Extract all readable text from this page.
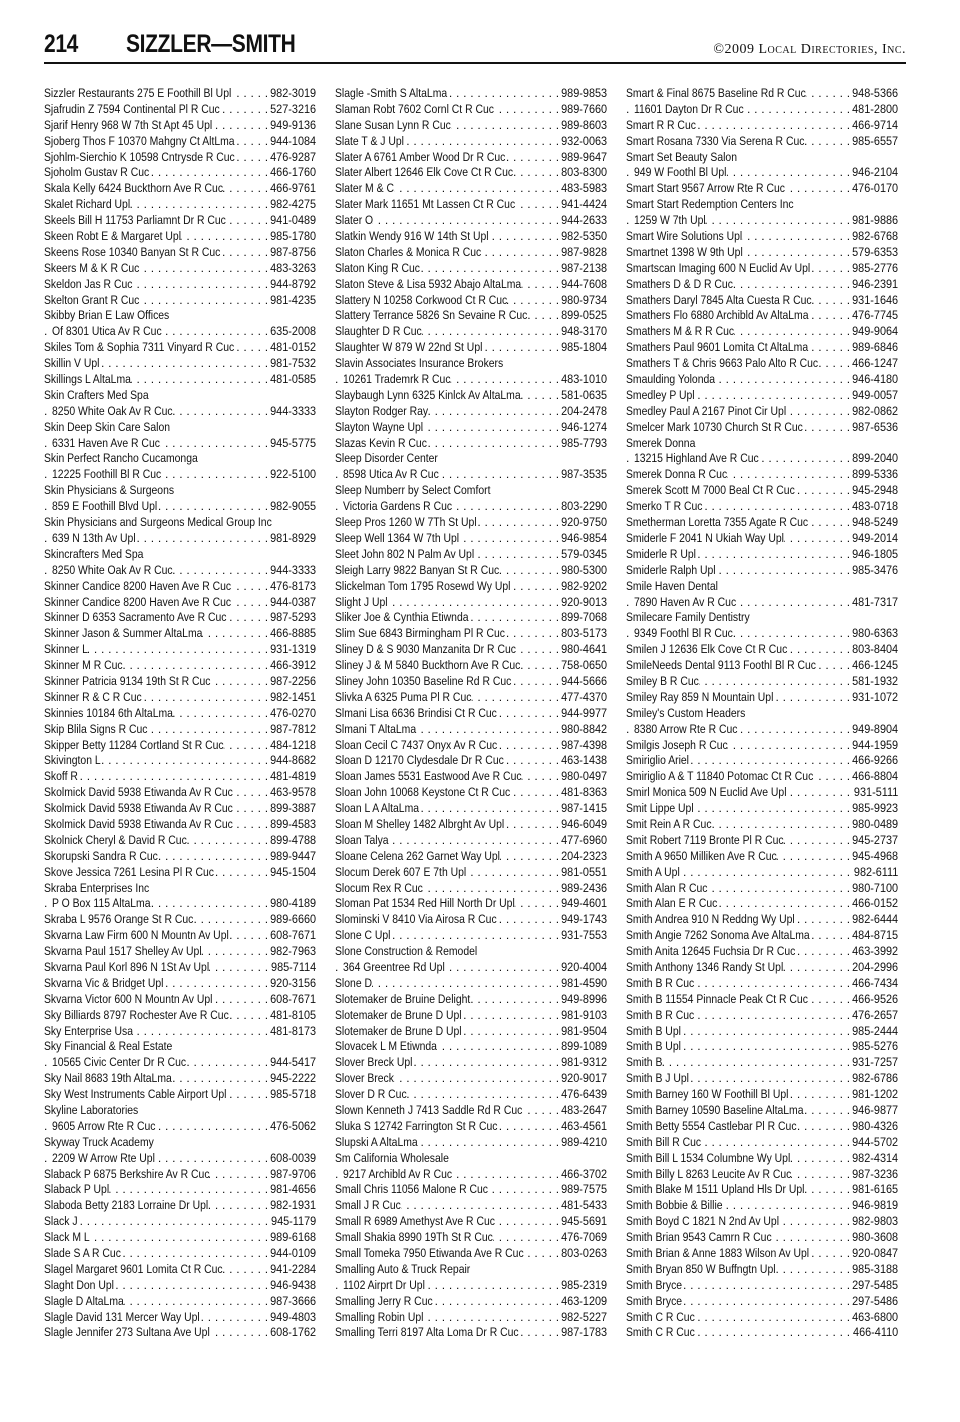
214 SIZZLER—SMITH	©2009 Local Directories, Inc.
Sizzler Restaurants 275 E Foothill Bl Upl	982-3019
. . .
Sjafrudin Z 7594 Continental Pl R Cuc	527-3216
. . .
Sjarif Henry 968 W 7th St Apt 45 Upl	949-9136
. . .
Sjoberg Thos F 10370 Mahgny Ct AltLma	944-1084
. . .
Sjohlm-Sierchio K 10598 Cntrysde R Cuc	476-9287
. . .
Sjoholm Gustav R Cuc	466-1760
. . .
Skala Kelly 6424 Buckthorn Ave R Cuc	466-9761
. . .
Skalet Richard Upl	982-4275
. . .
Skeels Bill H 11753 Parliamnt Dr R Cuc	941-0489
. . .
Skeen Robt E & Margaret Upl	985-1780
. . .
Skeens Rose 10340 Banyan St R Cuc	987-8756
. . .
Skeers M & K R Cuc	483-3263
. . .
Skeldon Jas R Cuc	944-8792
. . .
Skelton Grant R Cuc	981-4235
. . .
Skibby Brian E Law Offices
Of 8301 Utica Av R Cuc	635-2008
. . .
Skiles Tom & Sophia 7311 Vinyard R Cuc	481-0152
. . .
Skillin V Upl	981-7532
. . .
Skillings L AltaLma	481-0585
. . .
Skin Crafters Med Spa
8250 White Oak Av R Cuc	944-3333
. . .
Skin Deep Skin Care Salon
6331 Haven Ave R Cuc	945-5775
. . .
Skin Perfect Rancho Cucamonga
12225 Foothill Bl R Cuc	922-5100
. . .
Skin Physicians & Surgeons
859 E Foothill Blvd Upl	982-9055
. . .
Skin Physicians and Surgeons Medical Group Inc
639 N 13th Av Upl	981-8929
. . .
Skincrafters Med Spa
8250 White Oak Av R Cuc	944-3333
. . .
Skinner Candice 8200 Haven Ave R Cuc	476-8173
. . .
Skinner Candice 8200 Haven Ave R Cuc	944-0387
. . .
Skinner D 6353 Sacramento Ave R Cuc	987-5293
. . .
Skinner Jason & Summer AltaLma	466-8885
. . .
Skinner L	931-1319
. . .
Skinner M R Cuc	466-3912
. . .
Skinner Patricia 9134 19th St R Cuc	987-2256
. . .
Skinner R & C R Cuc	982-1451
. . .
Skinnies 10184 6th AltaLma	476-0270
. . .
Skip Blila Signs R Cuc	987-7812
. . .
Skipper Betty 11284 Cortland St R Cuc	484-1218
. . .
Skivington L	944-8682
. . .
Skoff R	481-4819
. . .
Skolmick David 5938 Etiwanda Av R Cuc	463-9578
. . .
Skolmick David 5938 Etiwanda Av R Cuc	899-3887
. . .
Skolmick David 5938 Etiwanda Av R Cuc	899-4583
. . .
Skolnick Cheryl & David R Cuc	899-4788
. . .
Skorupski Sandra R Cuc	989-9447
. . .
Skove Jessica 7261 Lesina Pl R Cuc	945-1504
. . .
Skraba Enterprises Inc
P O Box 115 AltaLma	980-4189
. . .
Skraba L 9576 Orange St R Cuc	989-6660
. . .
Skvarna Law Firm 600 N Mountn Av Upl	608-7671
. . .
Skvarna Paul 1517 Shelley Av Upl	982-7963
. . .
Skvarna Paul Korl 896 N 1St Av Upl	985-7114
. . .
Skvarna Vic & Bridget Upl	920-3156
. . .
Skvarna Victor 600 N Mountn Av Upl	608-7671
. . .
Sky Billiards 8797 Rochester Ave R Cuc	481-8105
. . .
Sky Enterprise Usa	481-8173
. . .
Sky Financial & Real Estate
10565 Civic Center Dr R Cuc	944-5417
. . .
Sky Nail 8683 19th AltaLma	945-2222
. . .
Sky West Instruments Cable Airport Upl	985-5718
. . .
Skyline Laboratories
9605 Arrow Rte R Cuc	476-5062
. . .
Skyway Truck Academy
2209 W Arrow Rte Upl	608-0039
. . .
Slaback P 6875 Berkshire Av R Cuc	987-9706
. . .
Slaback P Upl	981-4656
. . .
Slaboda Betty 2183 Lorraine Dr Upl	982-1931
. . .
Slack J	945-1179
. . .
Slack M L	989-6168
. . .
Slade S A R Cuc	944-0109
. . .
Slagel Margaret 9601 Lomita Ct R Cuc	941-2284
. . .
Slaght Don Upl	946-9438
. . .
Slagle D AltaLma	987-3666
. . .
Slagle David 131 Mercer Way Upl	949-4803
. . .
Slagle Jennifer 273 Sultana Ave Upl	608-1762
. . .
Slagle -Smith S AltaLma	989-9853
. . .
Slaman Robt 7602 Cornl Ct R Cuc	989-7660
. . .
Slane Susan Lynn R Cuc	989-8603
. . .
Slate T & J Upl	932-0063
. . .
Slater A 6761 Amber Wood Dr R Cuc	989-9647
. . .
Slater Albert 12646 Elk Cove Ct R Cuc	803-8300
. . .
Slater M & C	483-5983
. . .
Slater Mark 11651 Mt Lassen Ct R Cuc	941-4424
. . .
Slater O	944-2633
. . .
Slatkin Wendy 916 W 14th St Upl	982-5350
. . .
Slaton Charles & Monica R Cuc	987-9828
. . .
Slaton King R Cuc	987-2138
. . .
Slaton Steve & Lisa 5932 Abajo AltaLma	944-7608
. . .
Slattery N 10258 Corkwood Ct R Cuc	980-9734
. . .
Slattery Terrance 5826 Sn Sevaine R Cuc	899-0525
. . .
Slaughter D R Cuc	948-3170
. . .
Slaughter W 879 W 22nd St Upl	985-1804
. . .
Slavin Associates Insurance Brokers
10261 Trademrk R Cuc	483-1010
. . .
Slaybaugh Lynn 6325 Kinlck Av AltaLma	581-0635
. . .
Slayton Rodger Ray	204-2478
. . .
Slayton Wayne Upl	946-1274
. . .
Slazas Kevin R Cuc	985-7793
. . .
Sleep Disorder Center
8598 Utica Av R Cuc	987-3535
. . .
Sleep Numberr by Select Comfort
Victoria Gardens R Cuc	803-2290
. . .
Sleep Pros 1260 W 7Th St Upl	920-9750
. . .
Sleep Well 1364 W 7th Upl	946-9854
. . .
Sleet John 802 N Palm Av Upl	579-0345
. . .
Sleigh Larry 9822 Banyan St R Cuc	980-5300
. . .
Slickelman Tom 1795 Rosewd Wy Upl	982-9202
. . .
Slight J Upl	920-9013
. . .
Sliker Joe & Cynthia Etiwnda	899-7068
. . .
Slim Sue 6843 Birmingham Pl R Cuc	803-5173
. . .
Sliney D & S 9030 Manzanita Dr R Cuc	980-4641
. . .
Sliney J & M 5840 Buckthorn Ave R Cuc	758-0650
. . .
Sliney John 10350 Baseline Rd R Cuc	944-5666
. . .
Slivka A 6325 Puma Pl R Cuc	477-4370
. . .
Slmani Lisa 6636 Brindisi Ct R Cuc	944-9977
. . .
Slmani T AltaLma	980-8842
. . .
Sloan Cecil C 7437 Onyx Av R Cuc	987-4398
. . .
Sloan D 12170 Clydesdale Dr R Cuc	463-1438
. . .
Sloan James 5531 Eastwood Ave R Cuc	980-0497
. . .
Sloan John 10068 Keystone Ct R Cuc	481-8363
. . .
Sloan L A AltaLma	987-1415
. . .
Sloan M Shelley 1482 Albrght Av Upl	946-6049
. . .
Sloan Talya	477-6960
. . .
Sloane Celena 262 Garnet Way Upl	204-2323
. . .
Slocum Derek 607 E 7th Upl	981-0551
. . .
Slocum Rex R Cuc	989-2436
. . .
Sloman Pat 1534 Red Hill North Dr Upl	949-4601
. . .
Slominski V 8410 Via Airosa R Cuc	949-1743
. . .
Slone C Upl	931-7553
. . .
Slone Construction & Remodel
364 Greentree Rd Upl	920-4004
. . .
Slone D	981-4590
. . .
Slotemaker de Bruine Delight	949-8996
. . .
Slotemaker de Brune D Upl	981-9103
. . .
Slotemaker de Brune D Upl	981-9504
. . .
Slovacek L M Etiwnda	899-1089
. . .
Slover Breck Upl	981-9312
. . .
Slover Breck	920-9017
. . .
Slover D R Cuc	476-6439
. . .
Slown Kenneth J 7413 Saddle Rd R Cuc	483-2647
. . .
Sluka S 12742 Farrington St R Cuc	463-4561
. . .
Slupski A AltaLma	989-4210
. . .
Sm California Wholesale
9217 Archibld Av R Cuc	466-3702
. . .
Small Chris 11056 Malone R Cuc	989-7575
. . .
Small J R Cuc	481-5433
. . .
Small R 6989 Amethyst Ave R Cuc	945-5691
. . .
Small Shakia 8990 19Th St R Cuc	476-7069
. . .
Small Tomeka 7950 Etiwanda Ave R Cuc	803-0263
. . .
Smalling Auto & Truck Repair
1102 Airprt Dr Upl	985-2319
. . .
Smalling Jerry R Cuc	463-1209
. . .
Smalling Robin Upl	982-5227
. . .
Smalling Terri 8197 Alta Loma Dr R Cuc	987-1783
. . .
Smart & Final 8675 Baseline Rd R Cuc	948-5366
. . .
11601 Dayton Dr R Cuc	481-2800
. . .
Smart R R Cuc	466-9714
. . .
Smart Rosana 7330 Via Serena R Cuc	985-6557
. . .
Smart Set Beauty Salon
949 W Foothl Bl Upl	946-2104
. . .
Smart Start 9567 Arrow Rte R Cuc	476-0170
. . .
Smart Start Redemption Centers Inc
1259 W 7th Upl	981-9886
. . .
Smart Wire Solutions Upl	982-6768
. . .
Smartnet 1398 W 9th Upl	579-6353
. . .
Smartscan Imaging 600 N Euclid Av Upl	985-2776
. . .
Smathers D & D R Cuc	946-2391
. . .
Smathers Daryl 7845 Alta Cuesta R Cuc	931-1646
. . .
Smathers Flo 6880 Archibld Av AltaLma	476-7745
. . .
Smathers M & R R Cuc	949-9064
. . .
Smathers Paul 9601 Lomita Ct AltaLma	989-6846
. . .
Smathers T & Chris 9663 Palo Alto R Cuc	466-1247
. . .
Smaulding Yolonda	946-4180
. . .
Smedley P Upl	949-0057
. . .
Smedley Paul A 2167 Pinot Cir Upl	982-0862
. . .
Smelcer Mark 10730 Church St R Cuc	987-6536
. . .
Smerek Donna
13215 Highland Ave R Cuc	899-2040
. . .
Smerek Donna R Cuc	899-5336
. . .
Smerek Scott M 7000 Beal Ct R Cuc	945-2948
. . .
Smerko T R Cuc	483-0718
. . .
Smetherman Loretta 7355 Agate R Cuc	948-5249
. . .
Smiderle F 2041 N Ukiah Way Upl	949-2014
. . .
Smiderle R Upl	946-1805
. . .
Smiderle Ralph Upl	985-3476
. . .
Smile Haven Dental
7890 Haven Av R Cuc	481-7317
. . .
Smilecare Family Dentistry
9349 Foothl Bl R Cuc	980-6363
. . .
Smilen J 12636 Elk Cove Ct R Cuc	803-8404
. . .
SmileNeeds Dental 9113 Foothl Bl R Cuc	466-1245
. . .
Smiley B R Cuc	581-1932
. . .
Smiley Ray 859 N Mountain Upl	931-1072
. . .
Smiley's Custom Headers
8380 Arrow Rte R Cuc	949-8904
. . .
Smilgis Joseph R Cuc	944-1959
. . .
Smiriglio Ariel	466-9266
. . .
Smiriglio A & T 11840 Potomac Ct R Cuc	466-8804
. . .
Smirl Monica 509 N Euclid Ave Upl	931-5111
. . .
Smit Lippe Upl	985-9923
. . .
Smit Rein A R Cuc	980-0489
. . .
Smit Robert 7119 Bronte Pl R Cuc	945-2737
. . .
Smith A 9650 Milliken Ave R Cuc	945-4968
. . .
Smith A Upl	982-6111
. . .
Smith Alan R Cuc	980-7100
. . .
Smith Alan E R Cuc	466-0152
. . .
Smith Andrea 910 N Reddng Wy Upl	982-6444
. . .
Smith Angie 7262 Sonoma Ave AltaLma	484-8715
. . .
Smith Anita 12645 Fuchsia Dr R Cuc	463-3992
. . .
Smith Anthony 1346 Randy St Upl	204-2996
. . .
Smith B R Cuc	466-7434
. . .
Smith B 11554 Pinnacle Peak Ct R Cuc	466-9526
. . .
Smith B R Cuc	476-2657
. . .
Smith B Upl	985-2444
. . .
Smith B Upl	985-5276
. . .
Smith B	931-7257
. . .
Smith B J Upl	982-6786
. . .
Smith Barney 160 W Foothill Bl Upl	981-1202
. . .
Smith Barney 10590 Baseline AltaLma	946-9877
. . .
Smith Betty 5554 Castlebar Pl R Cuc	980-4326
. . .
Smith Bill R Cuc	944-5702
. . .
Smith Bill L 1534 Columbne Wy Upl	982-4314
. . .
Smith Billy L 8263 Leucite Av R Cuc	987-3236
. . .
Smith Blake M 1511 Upland Hls Dr Upl	981-6165
. . .
Smith Bobbie & Billie	946-9819
. . .
Smith Boyd C 1821 N 2nd Av Upl	982-9803
. . .
Smith Brian 9543 Camrn R Cuc	980-3608
. . .
Smith Brian & Anne 1883 Wilson Av Upl	920-0847
. . .
Smith Bryan 850 W Buffngtn Upl	985-3188
. . .
Smith Bryce	297-5485
. . .
Smith Bryce	297-5486
. . .
Smith C R Cuc	463-6800
. . .
Smith C R Cuc	466-4110
. . .
